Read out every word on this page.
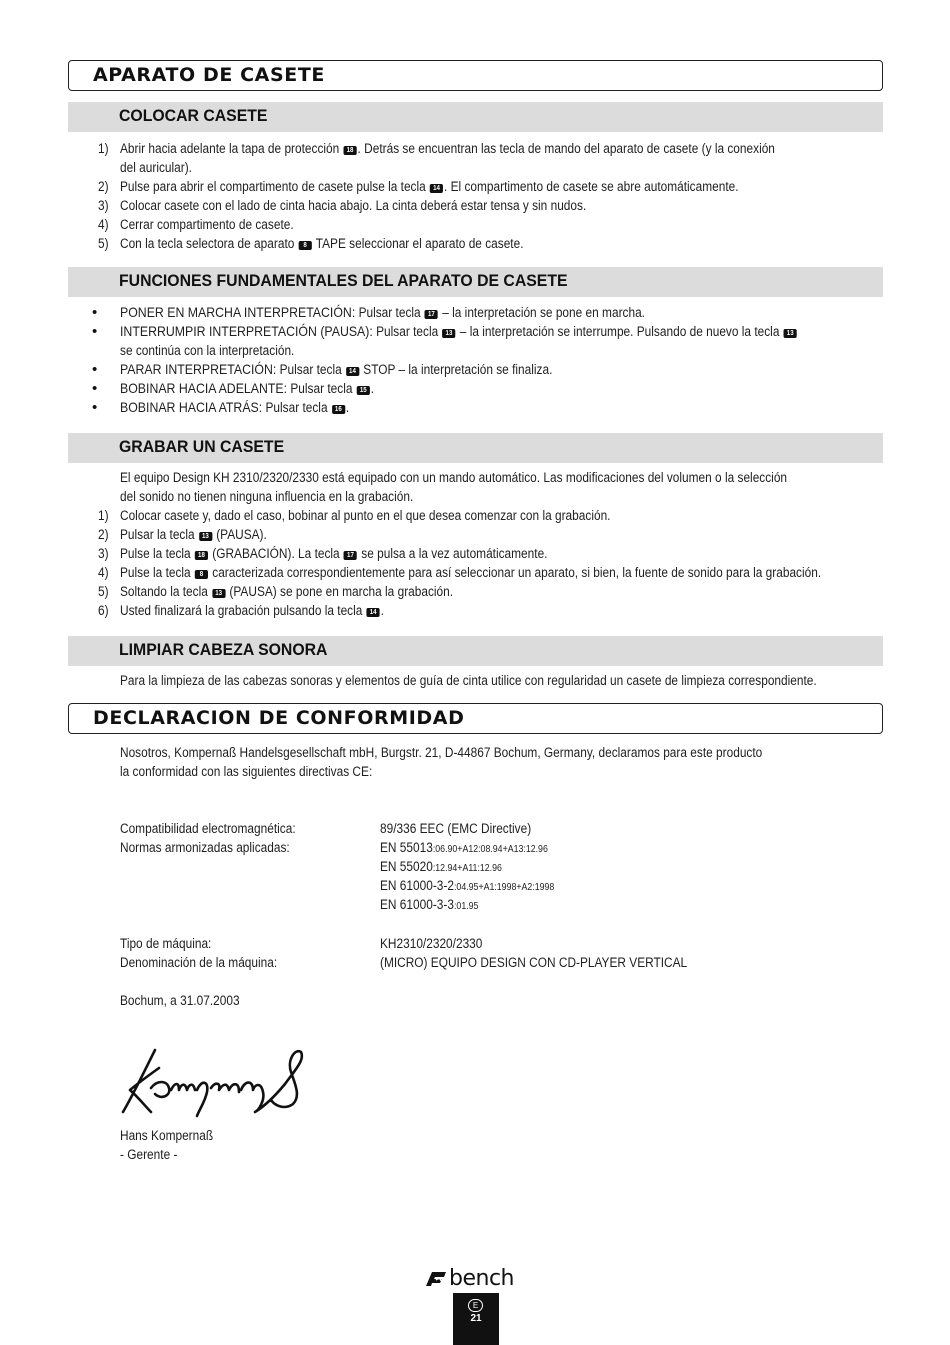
APARATO DE CASETE
COLOCAR CASETE
1) Abrir hacia adelante la tapa de protección 18 . Detrás se encuentran las tecla de mando del aparato de casete (y la conexión
del auricular).
2) Pulse para abrir el compartimento de casete pulse la tecla 14 . El compartimento de casete se abre automáticamente.
3) Colocar casete con el lado de cinta hacia abajo. La cinta deberá estar tensa y sin nudos.
4) Cerrar compartimento de casete.
5) Con la tecla selectora de aparato 8 TAPE seleccionar el aparato de casete.
FUNCIONES FUNDAMENTALES DEL APARATO DE CASETE
• PONER EN MARCHA INTERPRETACIÓN: Pulsar tecla 17 – la interpretación se pone en marcha.
• INTERRUMPIR INTERPRETACIÓN (PAUSA): Pulsar tecla 13 – la interpretación se interrumpe. Pulsando de nuevo la tecla 13
se continúa con la interpretación.
• PARAR INTERPRETACIÓN: Pulsar tecla 14 STOP – la interpretación se finaliza.
• BOBINAR HACIA ADELANTE: Pulsar tecla 15 .
• BOBINAR HACIA ATRÁS: Pulsar tecla 16 .
GRABAR UN CASETE
El equipo Design KH 2310/2320/2330 está equipado con un mando automático. Las modificaciones del volumen o la selección
del sonido no tienen ninguna influencia en la grabación.
1) Colocar casete y, dado el caso, bobinar al punto en el que desea comenzar con la grabación.
2) Pulsar la tecla 13 (PAUSA).
3) Pulse la tecla 18 (GRABACIÓN). La tecla 17 se pulsa a la vez automáticamente.
4) Pulse la tecla 8 caracterizada correspondientemente para así seleccionar un aparato, si bien, la fuente de sonido para la grabación.
5) Soltando la tecla 13 (PAUSA) se pone en marcha la grabación.
6) Usted finalizará la grabación pulsando la tecla 14 .
LIMPIAR CABEZA SONORA
Para la limpieza de las cabezas sonoras y elementos de guía de cinta utilice con regularidad un casete de limpieza correspondiente.
DECLARACION DE CONFORMIDAD
Nosotros, Kompernaß Handelsgesellschaft mbH, Burgstr. 21, D-44867 Bochum, Germany, declaramos para este producto
la conformidad con las siguientes directivas CE:
Compatibilidad electromagnética:	89/336 EEC (EMC Directive)
Normas armonizadas aplicadas:	EN 55013:06.90+A12:08.94+A13:12.96
EN 55020:12.94+A11:12.96
EN 61000-3-2:04.95+A1:1998+A2:1998
EN 61000-3-3:01.95
Tipo de máquina:	KH2310/2320/2330
Denominación de la máquina:	(MICRO) EQUIPO DESIGN CON CD-PLAYER VERTICAL
Bochum, a 31.07.2003
Hans Kompernaß
- Gerente -
bench
E
21
